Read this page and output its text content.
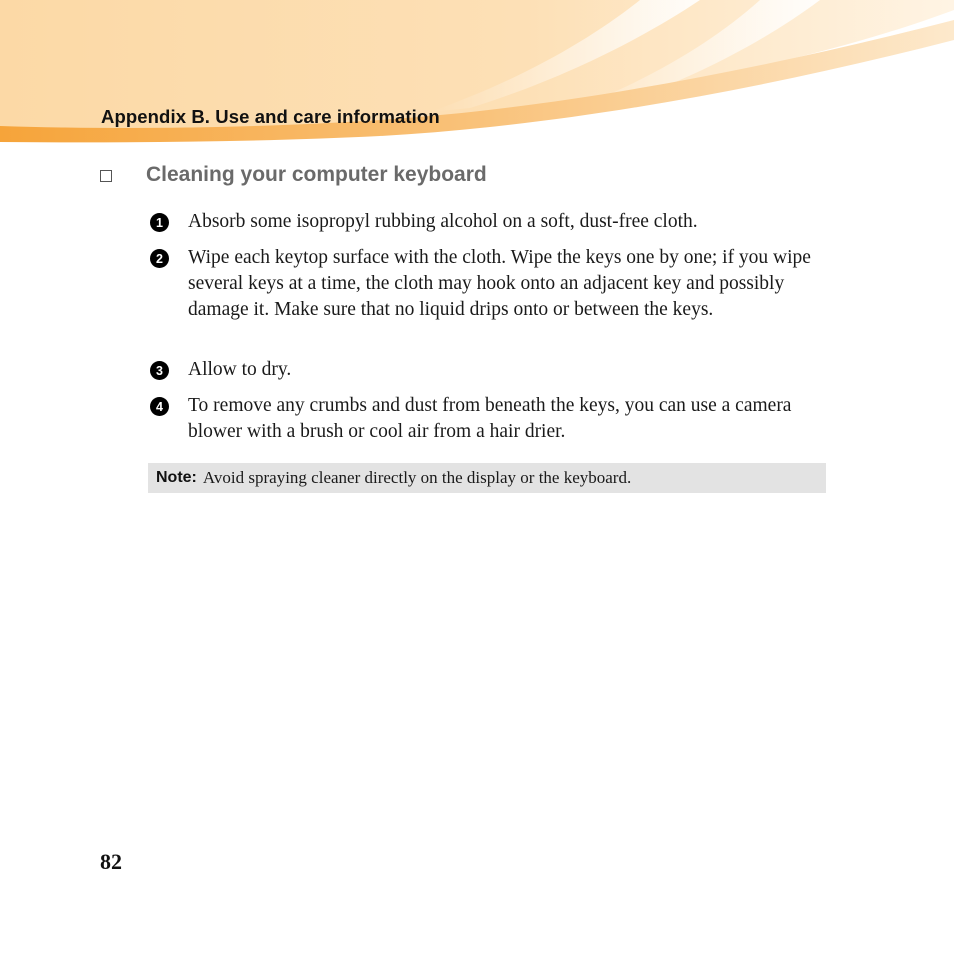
Appendix B. Use and care information
Cleaning your computer keyboard
1	Absorb some isopropyl rubbing alcohol on a soft, dust-free cloth.
2	Wipe each keytop surface with the cloth. Wipe the keys one by one; if you wipe several keys at a time, the cloth may hook onto an adjacent key and possibly damage it. Make sure that no liquid drips onto or between the keys.
3	Allow to dry.
4	To remove any crumbs and dust from beneath the keys, you can use a camera blower with a brush or cool air from a hair drier.
Note: Avoid spraying cleaner directly on the display or the keyboard.
82
